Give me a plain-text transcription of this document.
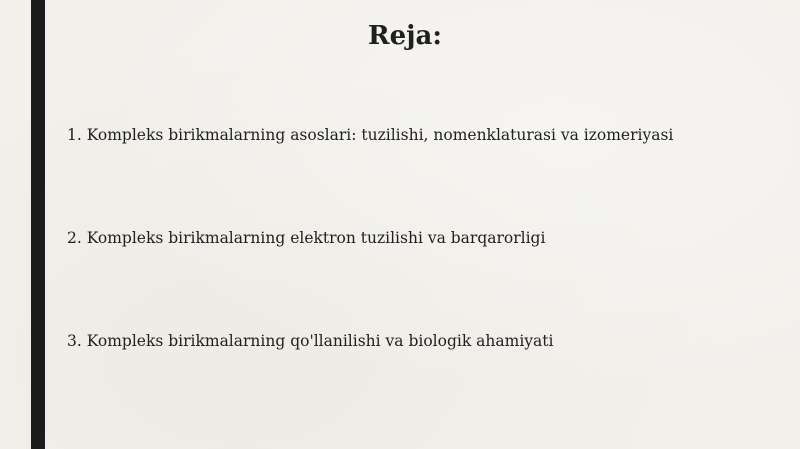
Reja:
1. Kompleks birikmalarning asoslari: tuzilishi, nomenklaturasi va izomeriyasi
2. Kompleks birikmalarning elektron tuzilishi va barqarorligi
3. Kompleks birikmalarning qo'llanilishi va biologik ahamiyati
